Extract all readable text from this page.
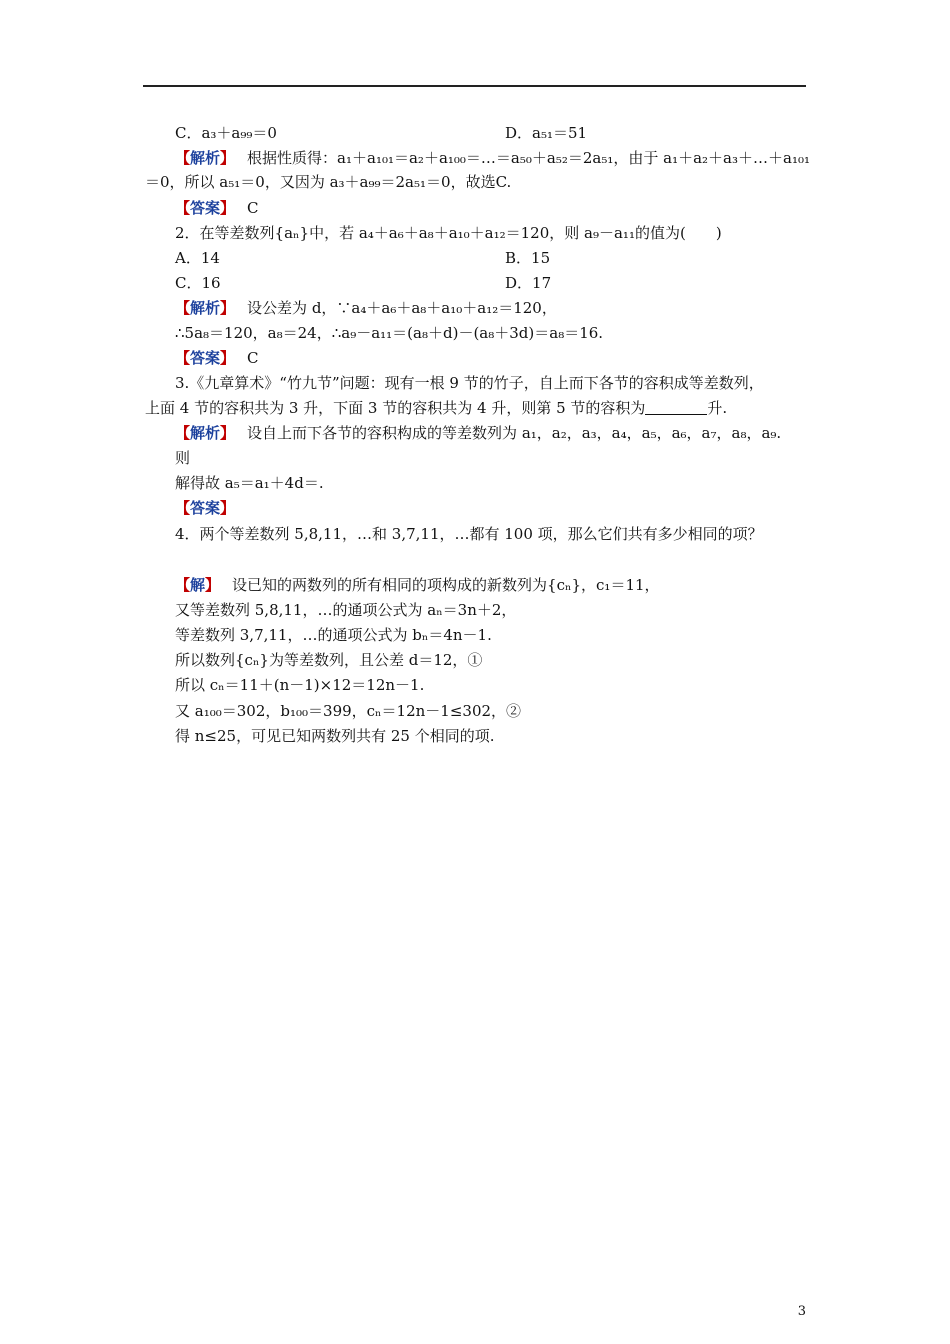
C．a₃＋a₉₉＝0	D．a₅₁＝51
【解析】 根据性质得：a₁＋a₁₀₁＝a₂＋a₁₀₀＝…＝a₅₀＋a₅₂＝2a₅₁，由于 a₁＋a₂＋a₃＋…＋a₁₀₁
＝0，所以 a₅₁＝0，又因为 a₃＋a₉₉＝2a₅₁＝0，故选C.
【答案】 C
2．在等差数列{aₙ}中，若 a₄＋a₆＋a₈＋a₁₀＋a₁₂＝120，则 a₉－a₁₁的值为(　　)
A．14	B．15
C．16	D．17
【解析】 设公差为 d，∵a₄＋a₆＋a₈＋a₁₀＋a₁₂＝120，
∴5a₈＝120，a₈＝24，∴a₉－a₁₁＝(a₈＋d)－(a₈＋3d)＝a₈＝16.
【答案】 C
3.《九章算术》“竹九节”问题：现有一根 9 节的竹子，自上而下各节的容积成等差数列，
上面 4 节的容积共为 3 升，下面 3 节的容积共为 4 升，则第 5 节的容积为	升.
【解析】 设自上而下各节的容积构成的等差数列为 a₁，a₂，a₃，a₄，a₅，a₆，a₇，a₈，a₉.
则
解得故 a₅＝a₁＋4d＝.
【答案】
4．两个等差数列 5,8,11，…和 3,7,11，…都有 100 项，那么它们共有多少相同的项？
【解】 设已知的两数列的所有相同的项构成的新数列为{cₙ}，c₁＝11，
又等差数列 5,8,11，…的通项公式为 aₙ＝3n＋2，
等差数列 3,7,11，…的通项公式为 bₙ＝4n－1.
所以数列{cₙ}为等差数列，且公差 d＝12，①
所以 cₙ＝11＋(n－1)×12＝12n－1.
又 a₁₀₀＝302，b₁₀₀＝399，cₙ＝12n－1≤302，②
得 n≤25，可见已知两数列共有 25 个相同的项.
3
